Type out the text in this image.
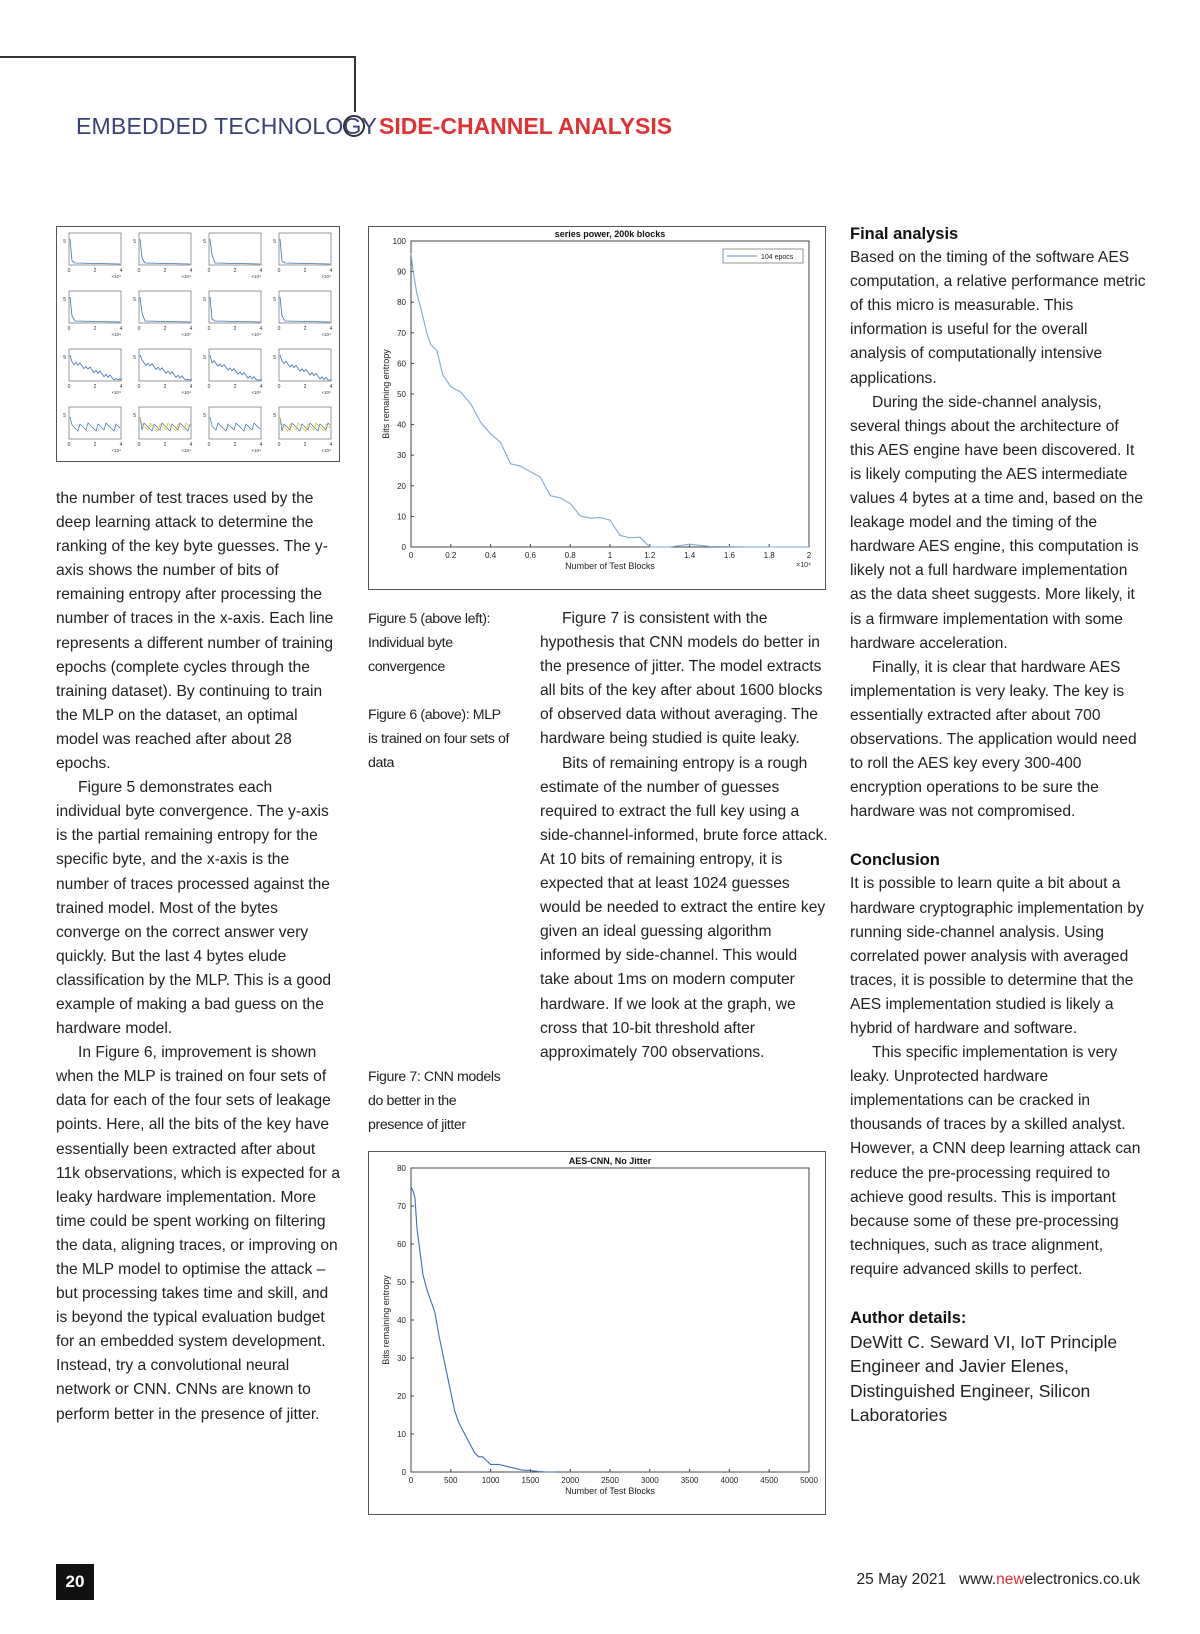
EMBEDDED TECHNOLOGY SIDE-CHANNEL ANALYSIS
5
0	2	4
×10⁴
5
0	2	4
×10⁴
5
0	2	4
×10⁴
5
0	2	4
×10⁴
5
0	2	4
×10⁴
5
0	2	4
×10⁴
5
0	2	4
×10⁴
5
0	2	4
×10⁴
5
0	2	4
×10⁴
5
0	2	4
×10⁴
5
0	2	4
×10⁴
5
0	2	4
×10⁴
5
0	2	4
×10⁴
5
0	2	4
×10⁴
5
0	2	4
×10⁴
5
0	2	4
×10⁴
series power, 200k blocks
0	0.2	0.4	0.6	0.8	1	1.2	1.4	1.6	1.8	2
0
10
20
30
40
50
60
70
80
90
100
Number of Test Blocks
Bits remaining entropy
×10⁴
104 epocs
AES-CNN, No Jitter
0	500	1000	1500	2000	2500	3000	3500	4000	4500	5000
0
10
20
30
40
50
60
70
80
Number of Test Blocks
Bits remaining entropy

the number of test traces used by the deep learning attack to determine the ranking of the key byte guesses. The y-axis shows the number of bits of remaining entropy after processing the number of traces in the x-axis. Each line represents a different number of training epochs (complete cycles through the training dataset). By continuing to train the MLP on the dataset, an optimal model was reached after about 28 epochs.

Figure 5 demonstrates each individual byte convergence. The y-axis is the partial remaining entropy for the specific byte, and the x-axis is the number of traces processed against the trained model. Most of the bytes converge on the correct answer very quickly. But the last 4 bytes elude classification by the MLP. This is a good example of making a bad guess on the hardware model.

In Figure 6, improvement is shown when the MLP is trained on four sets of data for each of the four sets of leakage points. Here, all the bits of the key have essentially been extracted after about 11k observations, which is expected for a leaky hardware implementation. More time could be spent working on filtering the data, aligning traces, or improving on the MLP model to optimise the attack – but processing takes time and skill, and is beyond the typical evaluation budget for an embedded system development. Instead, try a convolutional neural network or CNN. CNNs are known to perform better in the presence of jitter.

Figure 5 (above left): Individual byte convergence
Figure 6 (above): MLP is trained on four sets of data
Figure 7: CNN models do better in the presence of jitter

Figure 7 is consistent with the hypothesis that CNN models do better in the presence of jitter. The model extracts all bits of the key after about 1600 blocks of observed data without averaging. The hardware being studied is quite leaky.

Bits of remaining entropy is a rough estimate of the number of guesses required to extract the full key using a side-channel-informed, brute force attack. At 10 bits of remaining entropy, it is expected that at least 1024 guesses would be needed to extract the entire key given an ideal guessing algorithm informed by side-channel. This would take about 1ms on modern computer hardware. If we look at the graph, we cross that 10-bit threshold after approximately 700 observations.

Final analysis

Based on the timing of the software AES computation, a relative performance metric of this micro is measurable. This information is useful for the overall analysis of computationally intensive applications.

During the side-channel analysis, several things about the architecture of this AES engine have been discovered. It is likely computing the AES intermediate values 4 bytes at a time and, based on the leakage model and the timing of the hardware AES engine, this computation is likely not a full hardware implementation as the data sheet suggests. More likely, it is a firmware implementation with some hardware acceleration.

Finally, it is clear that hardware AES implementation is very leaky. The key is essentially extracted after about 700 observations. The application would need to roll the AES key every 300-400 encryption operations to be sure the hardware was not compromised.

Conclusion

It is possible to learn quite a bit about a hardware cryptographic implementation by running side-channel analysis. Using correlated power analysis with averaged traces, it is possible to determine that the AES implementation studied is likely a hybrid of hardware and software.

This specific implementation is very leaky. Unprotected hardware implementations can be cracked in thousands of traces by a skilled analyst. However, a CNN deep learning attack can reduce the pre-processing required to achieve good results. This is important because some of these pre-processing techniques, such as trace alignment, require advanced skills to perfect.

Author details:

DeWitt C. Seward VI, IoT Principle Engineer and Javier Elenes, Distinguished Engineer, Silicon Laboratories

20	25 May 2021 www.newelectronics.co.uk
